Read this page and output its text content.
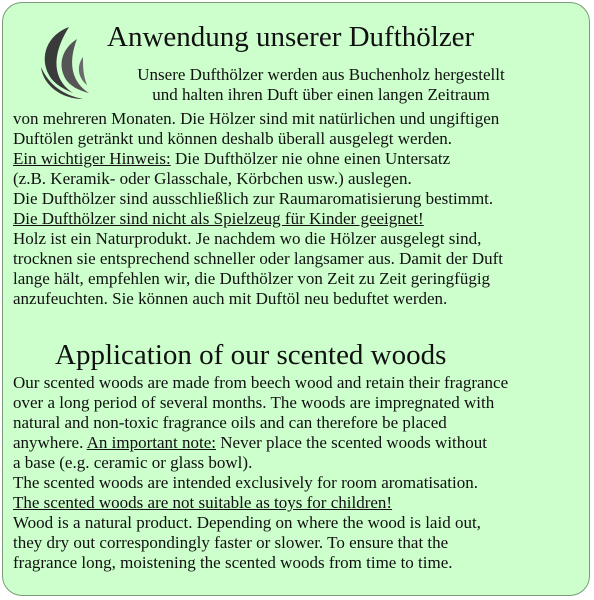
Anwendung unserer Dufthölzer
Unsere Dufthölzer werden aus Buchenholz hergestellt
und halten ihren Duft über einen langen Zeitraum
von mehreren Monaten. Die Hölzer sind mit natürlichen und ungiftigen
Duftölen getränkt und können deshalb überall ausgelegt werden.
Ein wichtiger Hinweis: Die Dufthölzer nie ohne einen Untersatz
(z.B. Keramik- oder Glasschale, Körbchen usw.) auslegen.
Die Dufthölzer sind ausschließlich zur Raumaromatisierung bestimmt.
Die Dufthölzer sind nicht als Spielzeug für Kinder geeignet!
Holz ist ein Naturprodukt. Je nachdem wo die Hölzer ausgelegt sind,
trocknen sie entsprechend schneller oder langsamer aus. Damit der Duft
lange hält, empfehlen wir, die Dufthölzer von Zeit zu Zeit geringfügig
anzufeuchten. Sie können auch mit Duftöl neu beduftet werden.
Application of our scented woods
Our scented woods are made from beech wood and retain their fragrance
over a long period of several months. The woods are impregnated with
natural and non-toxic fragrance oils and can therefore be placed
anywhere. An important note: Never place the scented woods without
a base (e.g. ceramic or glass bowl).
The scented woods are intended exclusively for room aromatisation.
The scented woods are not suitable as toys for children!
Wood is a natural product. Depending on where the wood is laid out,
they dry out correspondingly faster or slower. To ensure that the
fragrance long, moistening the scented woods from time to time.
